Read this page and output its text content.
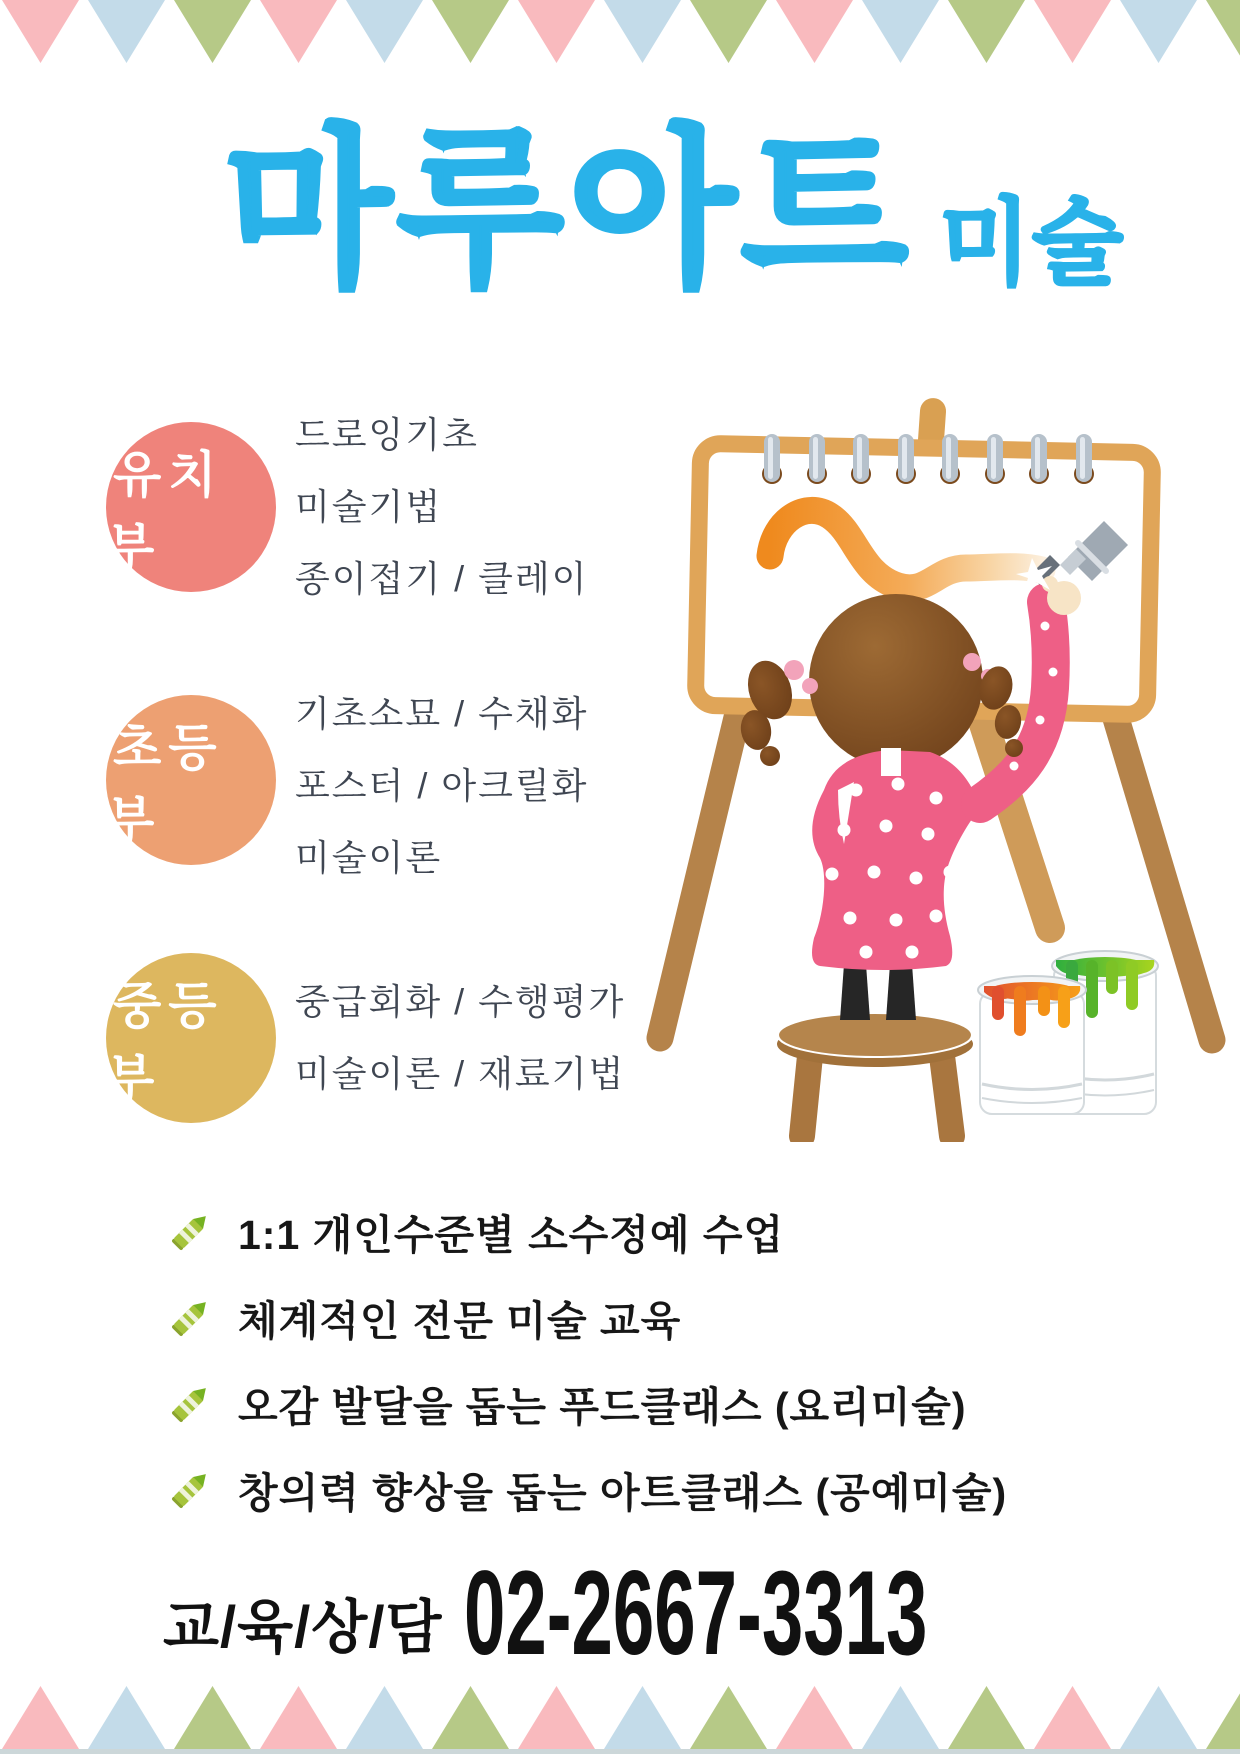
마루아트 미술
유치부
드로잉기초
미술기법
종이접기 / 클레이
초등부
기초소묘 / 수채화
포스터 / 아크릴화
미술이론
중등부
중급회화 / 수행평가
미술이론 / 재료기법
1:1 개인수준별 소수정예 수업
체계적인 전문 미술 교육
오감 발달을 돕는 푸드클래스 (요리미술)
창의력 향상을 돕는 아트클래스 (공예미술)
교/육/상/담 02-2667-3313
